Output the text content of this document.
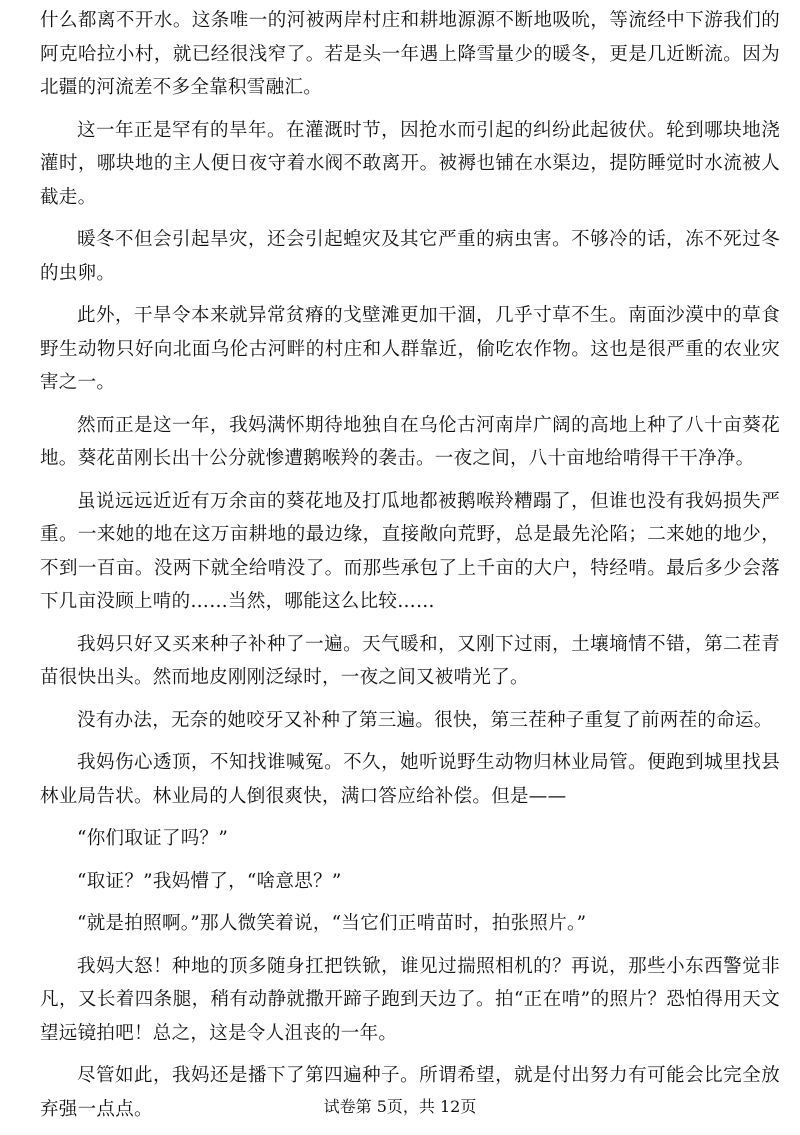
什么都离不开水。这条唯一的河被两岸村庄和耕地源源不断地吸吮，等流经中下游我们的阿克哈拉小村，就已经很浅窄了。若是头一年遇上降雪量少的暖冬，更是几近断流。因为北疆的河流差不多全靠积雪融汇。

这一年正是罕有的旱年。在灌溉时节，因抢水而引起的纠纷此起彼伏。轮到哪块地浇灌时，哪块地的主人便日夜守着水阀不敢离开。被褥也铺在水渠边，提防睡觉时水流被人截走。

暖冬不但会引起旱灾，还会引起蝗灾及其它严重的病虫害。不够冷的话，冻不死过冬的虫卵。

此外，干旱令本来就异常贫瘠的戈壁滩更加干涸，几乎寸草不生。南面沙漠中的草食野生动物只好向北面乌伦古河畔的村庄和人群靠近，偷吃农作物。这也是很严重的农业灾害之一。

然而正是这一年，我妈满怀期待地独自在乌伦古河南岸广阔的高地上种了八十亩葵花地。葵花苗刚长出十公分就惨遭鹅喉羚的袭击。一夜之间，八十亩地给啃得干干净净。

虽说远远近近有万余亩的葵花地及打瓜地都被鹅喉羚糟蹋了，但谁也没有我妈损失严重。一来她的地在这万亩耕地的最边缘，直接敞向荒野，总是最先沦陷；二来她的地少，不到一百亩。没两下就全给啃没了。而那些承包了上千亩的大户，特经啃。最后多少会落下几亩没顾上啃的……当然，哪能这么比较……

我妈只好又买来种子补种了一遍。天气暖和，又刚下过雨，土壤墒情不错，第二茬青苗很快出头。然而地皮刚刚泛绿时，一夜之间又被啃光了。

没有办法，无奈的她咬牙又补种了第三遍。很快，第三茬种子重复了前两茬的命运。

我妈伤心透顶，不知找谁喊冤。不久，她听说野生动物归林业局管。便跑到城里找县林业局告状。林业局的人倒很爽快，满口答应给补偿。但是——

“你们取证了吗？”

“取证？”我妈懵了，“啥意思？”

“就是拍照啊。”那人微笑着说，“当它们正啃苗时，拍张照片。”

我妈大怒！种地的顶多随身扛把铁锨，谁见过揣照相机的？再说，那些小东西警觉非凡，又长着四条腿，稍有动静就撒开蹄子跑到天边了。拍“正在啃”的照片？恐怕得用天文望远镜拍吧！总之，这是令人沮丧的一年。

尽管如此，我妈还是播下了第四遍种子。所谓希望，就是付出努力有可能会比完全放弃强一点点。	试卷第 5页，共 12页
